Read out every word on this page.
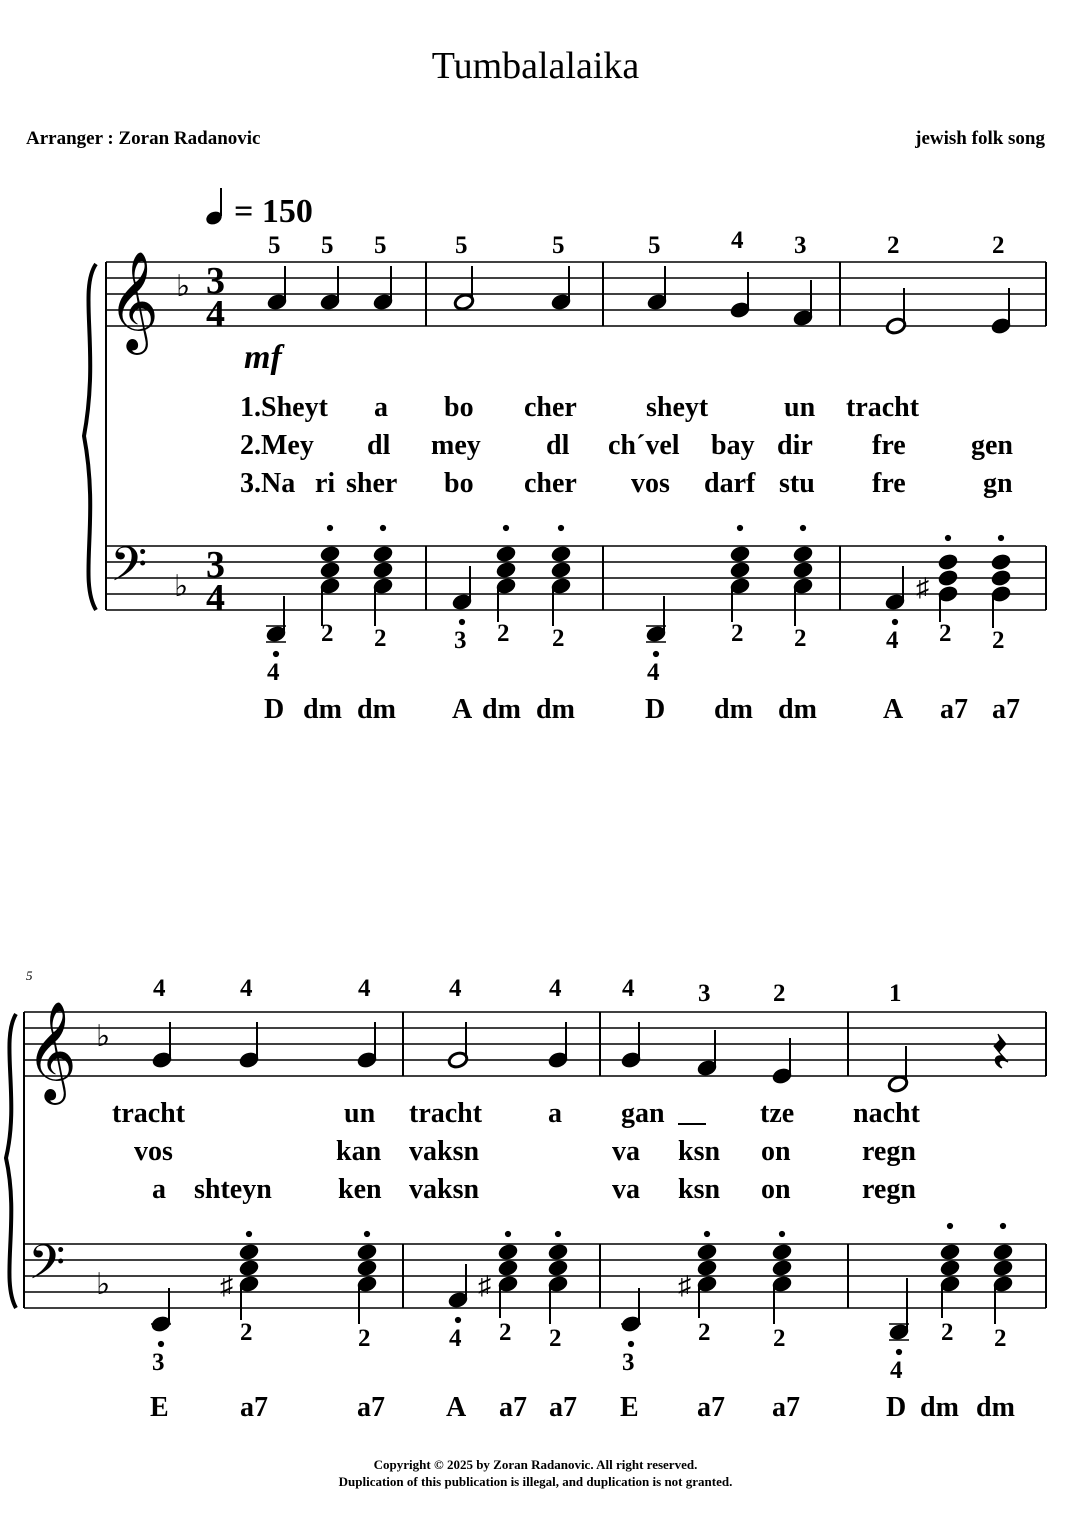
Tumbalalaika
Arranger : Zoran Radanovic	jewish folk song
= 150
𝄞 ♭ 3
4
𝄢 ♭
3
4
mf
5 5 5	5	5	5	4 3	2	2
1.Sheyt a bo cher sheyt	un tracht
2.Mey dl mey dl ch´vel bay dir fre gen
3.Na ri sher bo cher vos darf stu fre	gn
♯
4
2 2	3 2 2
4
2 2	4 2 2
D dm dm A dm dm	D dm dm A a7 a7
5
𝄞 ♭
𝄢 ♭
4	4	4	4	4 4	3	2	1
tracht	un tracht a gan	tze nacht
vos	kan vaksn	va ksn on	regn
a shteyn ken vaksn	va ksn on	regn
♯	♯	♯
3
2	2	4 2 2
3
2	2
4
2 2
E	a7	a7 A a7 a7 E a7 a7	D dm dm
Copyright © 2025 by Zoran Radanovic. All right reserved.
Duplication of this publication is illegal, and duplication is not granted.
